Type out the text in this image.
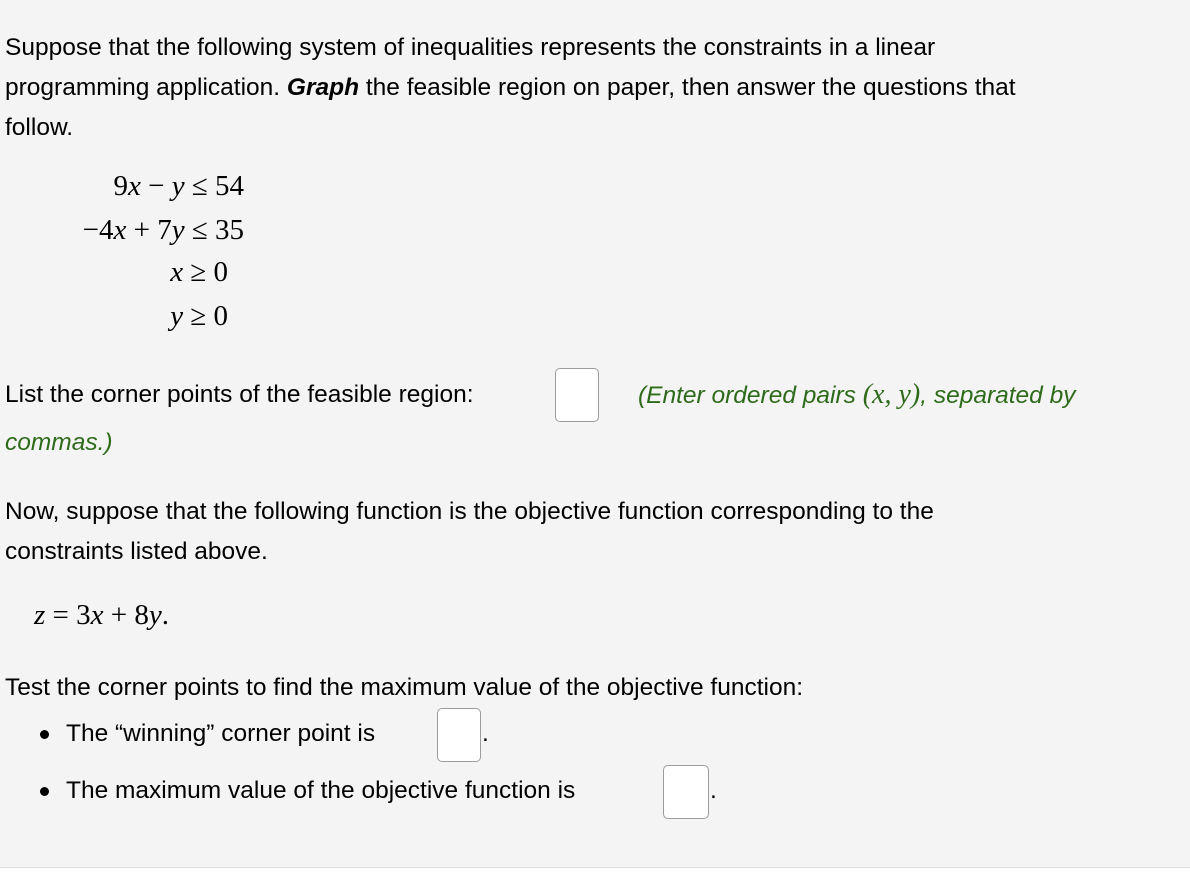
Suppose that the following system of inequalities represents the constraints in a linear

programming application. Graph the feasible region on paper, then answer the questions that

follow.

9 x − y ≤ 54
−4 x + 7 y ≤ 35
x ≥ 0
y ≥ 0
List the corner points of the feasible region:	(Enter ordered pairs (x, y), separated by
commas.)

Now, suppose that the following function is the objective function corresponding to the

constraints listed above.

z = 3x + 8y.

Test the corner points to find the maximum value of the objective function:

The “winning” corner point is	.
The maximum value of the objective function is	.
